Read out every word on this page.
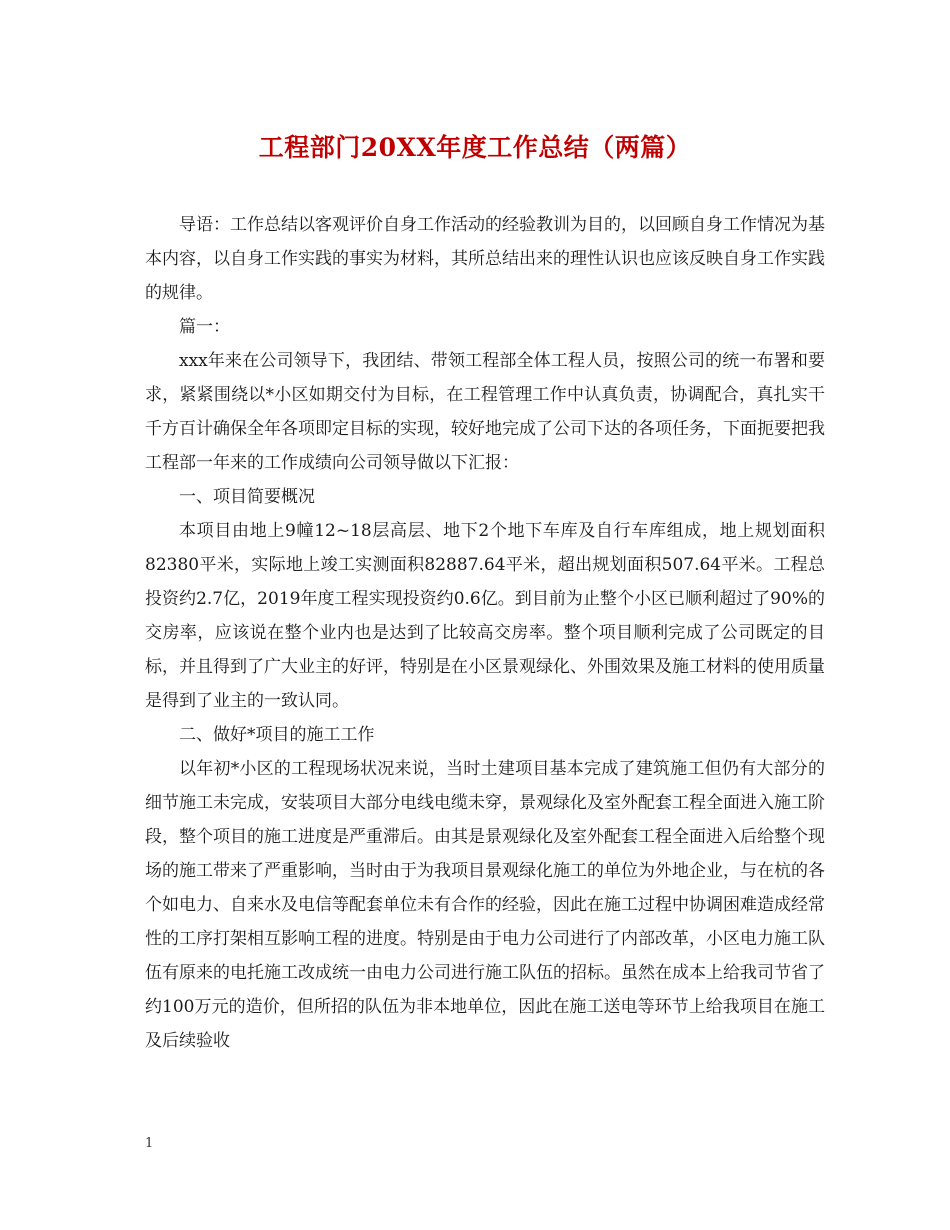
工程部门20XX年度工作总结（两篇）

导语：工作总结以客观评价自身工作活动的经验教训为目的，以回顾自身工作情况为基本内容，以自身工作实践的事实为材料，其所总结出来的理性认识也应该反映自身工作实践的规律。

篇一：

xxx年来在公司领导下，我团结、带领工程部全体工程人员，按照公司的统一布署和要求，紧紧围绕以*小区如期交付为目标，在工程管理工作中认真负责，协调配合，真扎实干千方百计确保全年各项即定目标的实现，较好地完成了公司下达的各项任务，下面扼要把我工程部一年来的工作成绩向公司领导做以下汇报：

一、项目简要概况

本项目由地上9幢12~18层高层、地下2个地下车库及自行车库组成，地上规划面积82380平米，实际地上竣工实测面积82887.64平米，超出规划面积507.64平米。工程总投资约2.7亿，2019年度工程实现投资约0.6亿。到目前为止整个小区已顺利超过了90%的交房率，应该说在整个业内也是达到了比较高交房率。整个项目顺利完成了公司既定的目标，并且得到了广大业主的好评，特别是在小区景观绿化、外围效果及施工材料的使用质量是得到了业主的一致认同。

二、做好*项目的施工工作

以年初*小区的工程现场状况来说，当时土建项目基本完成了建筑施工但仍有大部分的细节施工未完成，安装项目大部分电线电缆未穿，景观绿化及室外配套工程全面进入施工阶段，整个项目的施工进度是严重滞后。由其是景观绿化及室外配套工程全面进入后给整个现场的施工带来了严重影响，当时由于为我项目景观绿化施工的单位为外地企业，与在杭的各个如电力、自来水及电信等配套单位未有合作的经验，因此在施工过程中协调困难造成经常性的工序打架相互影响工程的进度。特别是由于电力公司进行了内部改革，小区电力施工队伍有原来的电托施工改成统一由电力公司进行施工队伍的招标。虽然在成本上给我司节省了约100万元的造价，但所招的队伍为非本地单位，因此在施工送电等环节上给我项目在施工及后续验收

1
